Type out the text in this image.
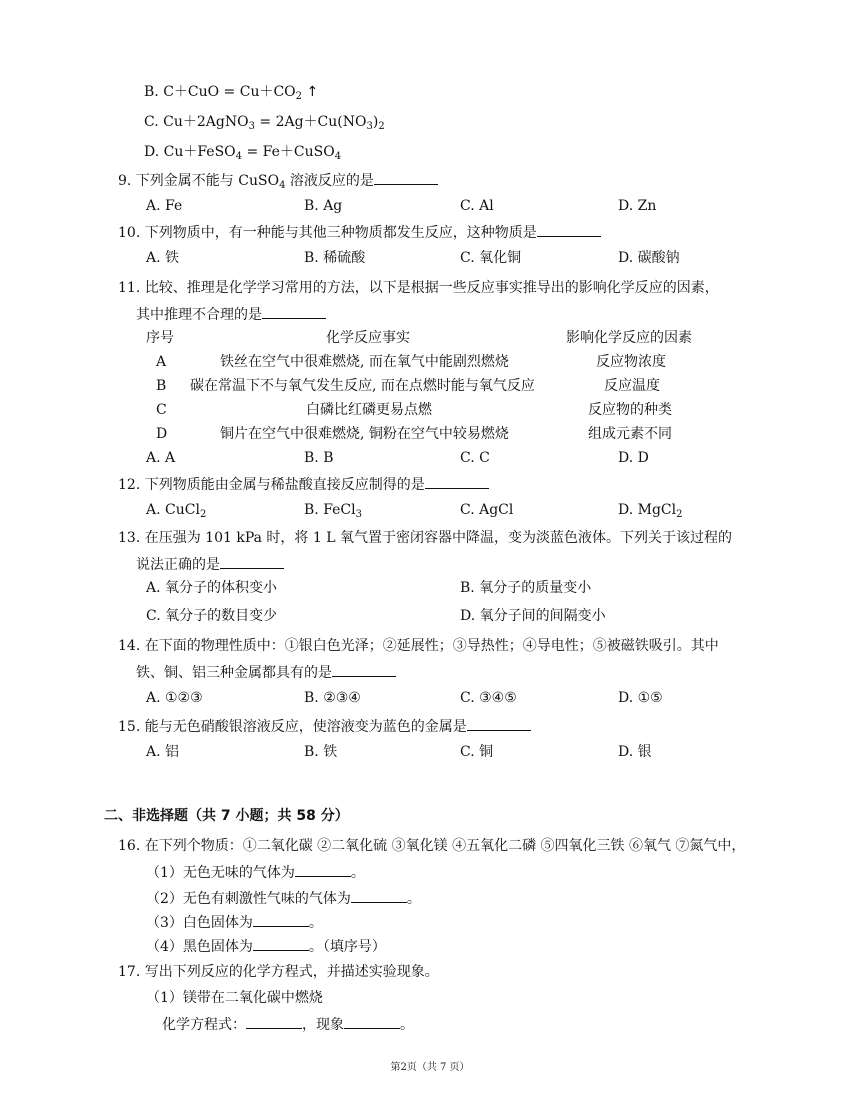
B. $C+CuO = Cu+CO_2$ ↑
C. Cu＋2AgNO$_3$ = $2Ag+Cu(NO_3)_2$
D. Cu＋FeSO$_4$ = Fe＋CuSO$_4$
9. 下列金属不能与 CuSO$_4$ 溶液反应的是
A. Fe	B. Ag	C. Al	D. Zn
10. 下列物质中，有一种能与其他三种物质都发生反应，这种物质是
A. 铁	B. 稀硫酸	C. 氧化铜	D. 碳酸钠
11. 比较、推理是化学学习常用的方法，以下是根据一些反应事实推导出的影响化学反应的因素，
其中推理不合理的是
序号	化学反应事实	影响化学反应的因素
A	铁丝在空气中很难燃烧, 而在氧气中能剧烈燃烧	反应物浓度
B 碳在常温下不与氧气发生反应, 而在点燃时能与氧气反应	反应温度
C	白磷比红磷更易点燃	反应物的种类
D	铜片在空气中很难燃烧, 铜粉在空气中较易燃烧	组成元素不同
A. A	B. B	C. C	D. D
12. 下列物质能由金属与稀盐酸直接反应制得的是
A. CuCl$_2$	B. FeCl$_3$	C. AgCl	D. MgCl$_2$
13. 在压强为 101 kPa 时，将 1 L 氧气置于密闭容器中降温，变为淡蓝色液体。下列关于该过程的
说法正确的是
A. 氧分子的体积变小	B. 氧分子的质量变小
C. 氧分子的数目变少	D. 氧分子间的间隔变小
14. 在下面的物理性质中：①银白色光泽；②延展性；③导热性；④导电性；⑤被磁铁吸引。其中
铁、铜、铝三种金属都具有的是
A. ①②③	B. ②③④	C. ③④⑤	D. ①⑤
15. 能与无色硝酸银溶液反应，使溶液变为蓝色的金属是
A. 铝	B. 铁	C. 铜	D. 银
二、非选择题（共 7 小题；共 58 分）
16. 在下列个物质：①二氧化碳 ②二氧化硫 ③氧化镁 ④五氧化二磷 ⑤四氧化三铁 ⑥氧气 ⑦氮气中，
（1）无色无味的气体为	。
（2）无色有刺激性气味的气体为	。
（3）白色固体为	。
（4）黑色固体为	。（填序号）
17. 写出下列反应的化学方程式，并描述实验现象。
（1）镁带在二氧化碳中燃烧
化学方程式：	，现象	。
第2页（共 7 页）
